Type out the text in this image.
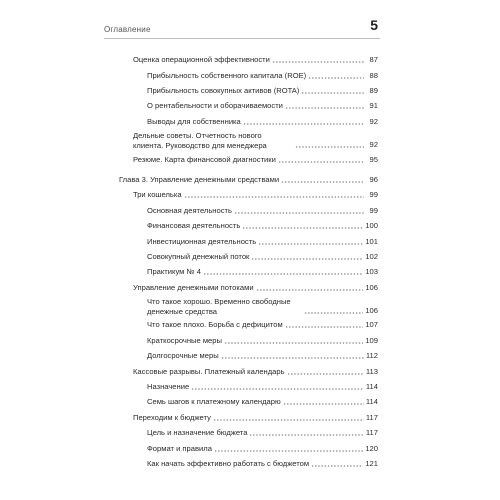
Оглавление	5
Оценка операционной эффективности	87
Прибыльность собственного капитала (ROE)	88
Прибыльность совокупных активов (ROTA)	89
О рентабельности и оборачиваемости	91
Выводы для собственника	92
Дельные советы. Отчетность нового клиента. Руководство для менеджера	92
Резюме. Карта финансовой диагностики	95
Глава 3. Управление денежными средствами	96
Три кошелька	99
Основная деятельность	99
Финансовая деятельность	100
Инвестиционная деятельность	101
Совокупный денежный поток	102
Практикум № 4	103
Управление денежными потоками	106
Что такое хорошо. Временно свободные денежные средства	106
Что такое плохо. Борьба с дефицитом	107
Краткосрочные меры	109
Долгосрочные меры	112
Кассовые разрывы. Платежный календарь	113
Назначение	114
Семь шагов к платежному календарю	114
Переходим к бюджету	117
Цель и назначение бюджета	117
Формат и правила	120
Как начать эффективно работать с бюджетом	121
